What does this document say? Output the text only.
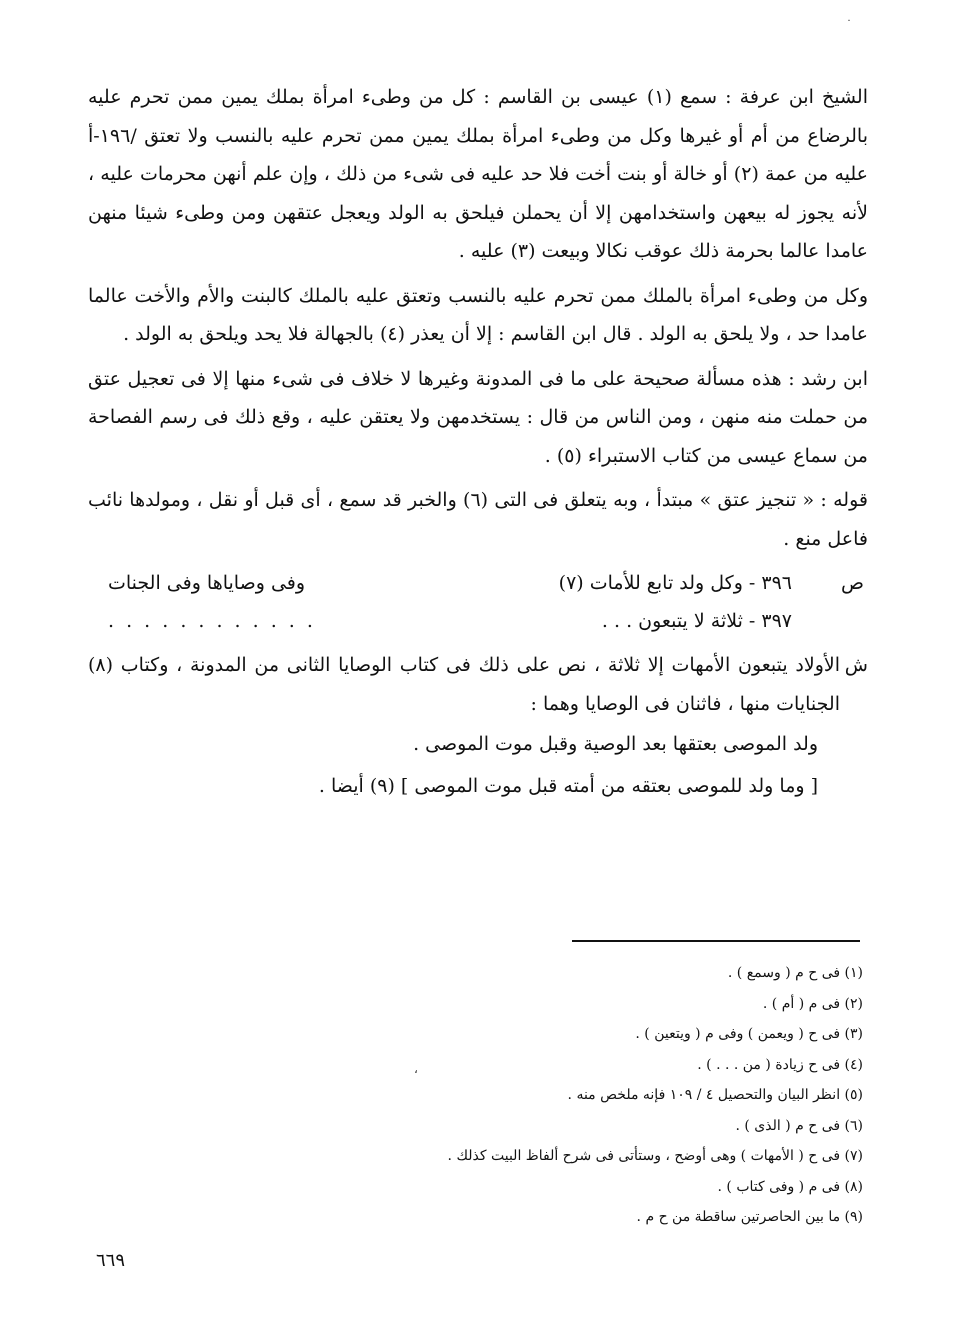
الشيخ ابن عرفة : سمع (١) عيسى بن القاسم : كل من وطىء امرأة بملك يمين ممن تحرم عليه بالرضاع من أم أو غيرها وكل من وطىء امرأة بملك يمين ممن تحرم عليه بالنسب ولا تعتق /١٩٦-أ عليه من عمة (٢) أو خالة أو بنت أخت فلا حد عليه فى شىء من ذلك ، وإن علم أنهن محرمات عليه ، لأنه يجوز له بيعهن واستخدامهن إلا أن يحملن فيلحق به الولد ويعجل عتقهن ومن وطىء شيئا منهن عامدا عالما بحرمة ذلك عوقب نكالا وبيعت (٣) عليه .

وكل من وطىء امرأة بالملك ممن تحرم عليه بالنسب وتعتق عليه بالملك كالبنت والأم والأخت عالما عامدا حد ، ولا يلحق به الولد . قال ابن القاسم : إلا أن يعذر (٤) بالجهالة فلا يحد ويلحق به الولد .

ابن رشد : هذه مسألة صحيحة على ما فى المدونة وغيرها لا خلاف فى شىء منها إلا فى تعجيل عتق من حملت منه منهن ، ومن الناس من قال : يستخدمهن ولا يعتقن عليه ، وقع ذلك فى رسم الفصاحة من سماع عيسى من كتاب الاستبراء (٥) .

قوله : « تنجيز عتق » مبتدأ ، وبه يتعلق فى التى (٦) والخبر قد سمع ، أى قبل أو نقل ، ومولدها نائب فاعل منع .

ص
٣٩٦ - وكل ولد تابع للأمات (٧)
وفى وصاياها وفى الجنات
٣٩٧ - ثلاثة لا يتبعون . . .
. . . . . . . . . . . .
ش
الأولاد يتبعون الأمهات إلا ثلاثة ، نص على ذلك فى كتاب الوصايا الثانى من المدونة ، وكتاب (٨) الجنايات منها ، فاثنان فى الوصايا وهما :
ولد الموصى بعتقها بعد الوصية وقبل موت الموصى .
[ وما ولد للموصى بعتقه من أمته قبل موت الموصى ] (٩) أيضا .
(١) فى ح م ( وسمع ) .
(٢) فى م ( أم ) .
(٣) فى ح ( ويعمن ) وفى م ( ويتعين ) .
(٤) فى ح زيادة ( من . . . ) .
(٥) انظر البيان والتحصيل ٤ / ١٠٩ فإنه ملخص منه .
(٦) فى ح م ( الذى ) .
(٧) فى ح ( الأمهات ) وهى أوضح ، وستأتى فى شرح ألفاظ البيت كذلك .
(٨) فى م ( وفى كتاب ) .
(٩) ما بين الحاصرتين ساقطة من ح م .
٦٦٩
˙
،
